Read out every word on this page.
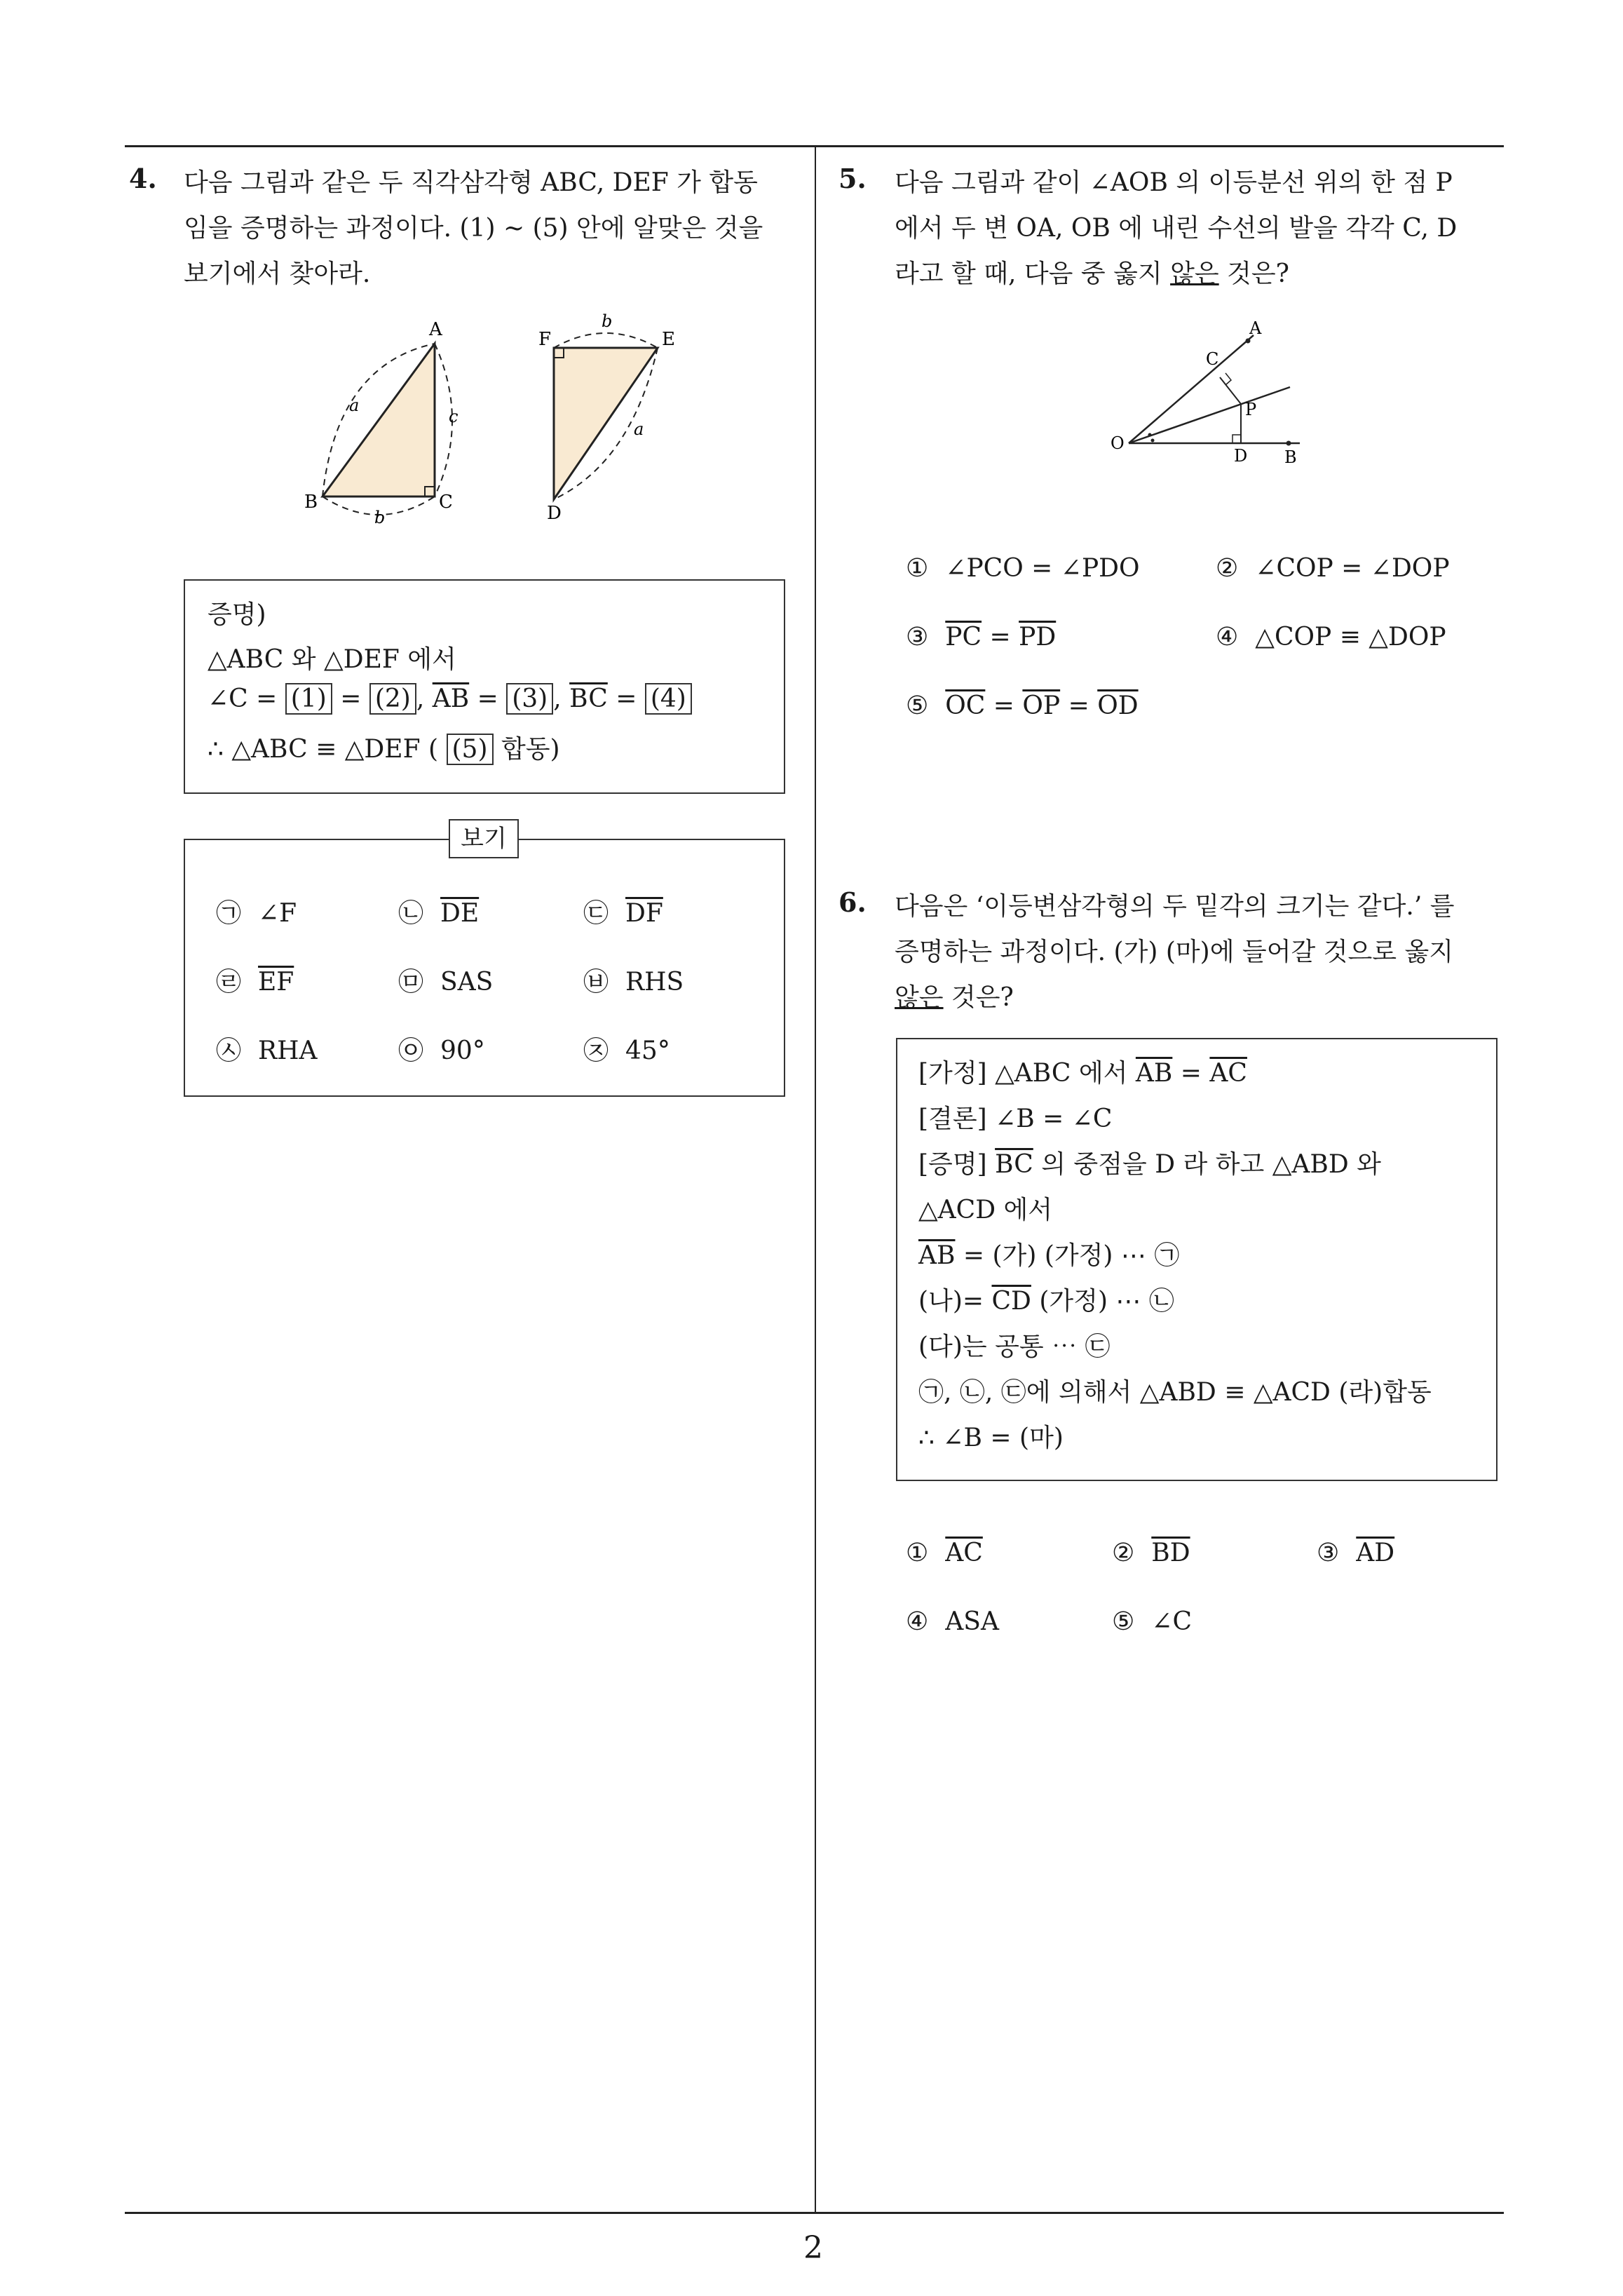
4. 다음 그림과 같은 두 직각삼각형 ABC, DEF 가 합동
임을 증명하는 과정이다. (1) ~ (5) 안에 알맞은 것을
보기에서 찾아라.
A
B	C
a
c
b
F	E
D
b
a
증명)
△ABC 와 △DEF 에서
∠C = (1) = (2) , $\overline{AB} = (3)$ , $\overline{BC} = (4)$
∴ △ABC ≡ △DEF ( (5) 합동)
보기
㉠ ∠F	㉡ $\overline{DE}$	㉢ $\overline{DF}$
㉣ $\overline{EF}$	㉤ SAS	㉥ RHS
㉦ RHA	㉧ 90°	㉨ 45°
5. 다음 그림과 같이 ∠AOB 의 이등분선 위의 한 점 P
에서 두 변 OA, OB 에 내린 수선의 발을 각각 C, D
라고 할 때, 다음 중 옳지 않은 것은?
O
A
B
C
D
P
① ∠PCO = ∠PDO	② ∠COP = ∠DOP
③ $\overline{PC} = \overline{PD}$	④ △COP ≡ △DOP
⑤ $\overline{OC} = \overline{OP} = \overline{OD}$
6. 다음은 ‘이등변삼각형의 두 밑각의 크기는 같다.’ 를
증명하는 과정이다. (가) (마)에 들어갈 것으로 옳지
않은 것은?
[가정] △ABC 에서 $\overline{AB} = \overline{AC}$
[결론] ∠B = ∠C
[증명] $\overline{BC}$ 의 중점을 D 라 하고 △ABD 와
△ACD 에서
$\overline{AB}$ = (가) (가정) ⋯ ㉠
(나)= $\overline{CD}$ (가정) ⋯ ㉡
(다)는 공통 ⋯ ㉢
㉠, ㉡, ㉢에 의해서 △ABD ≡ △ACD (라)합동
∴ ∠B = (마)
① $\overline{AC}$	② $\overline{BD}$	③ $\overline{AD}$
④ ASA	⑤ ∠C
2
